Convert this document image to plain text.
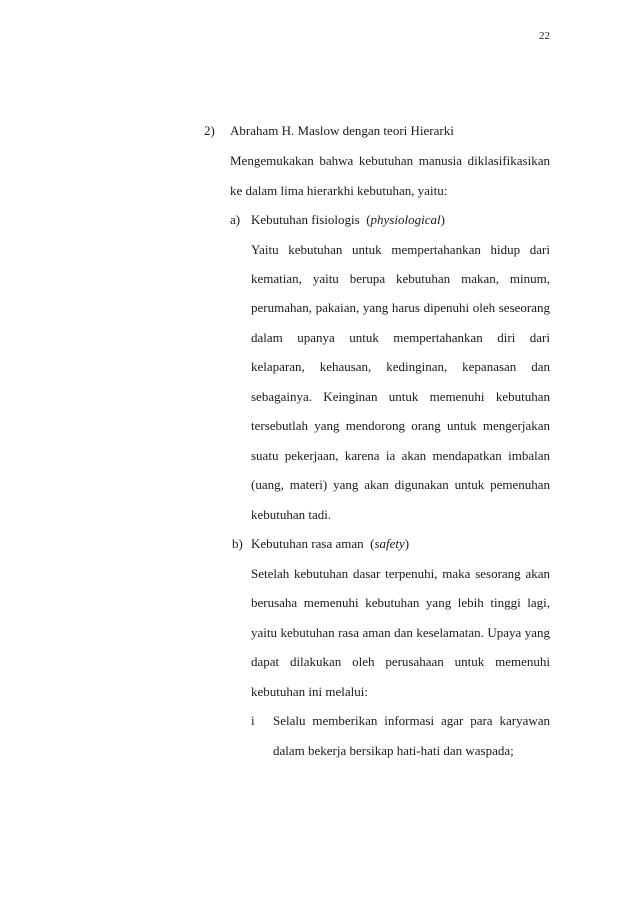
22
2) Abraham H. Maslow dengan teori Hierarki
Mengemukakan bahwa kebutuhan manusia diklasifikasikan
ke dalam lima hierarkhi kebutuhan, yaitu:
a) Kebutuhan fisiologis (physiological)
Yaitu kebutuhan untuk mempertahankan hidup dari
kematian, yaitu berupa kebutuhan makan, minum,
perumahan, pakaian, yang harus dipenuhi oleh seseorang
dalam upanya untuk mempertahankan diri dari
kelaparan, kehausan, kedinginan, kepanasan dan
sebagainya. Keinginan untuk memenuhi kebutuhan
tersebutlah yang mendorong orang untuk mengerjakan
suatu pekerjaan, karena ia akan mendapatkan imbalan
(uang, materi) yang akan digunakan untuk pemenuhan
kebutuhan tadi.
b) Kebutuhan rasa aman (safety)
Setelah kebutuhan dasar terpenuhi, maka sesorang akan
berusaha memenuhi kebutuhan yang lebih tinggi lagi,
yaitu kebutuhan rasa aman dan keselamatan. Upaya yang
dapat dilakukan oleh perusahaan untuk memenuhi
kebutuhan ini melalui:
i Selalu memberikan informasi agar para karyawan
dalam bekerja bersikap hati-hati dan waspada;
